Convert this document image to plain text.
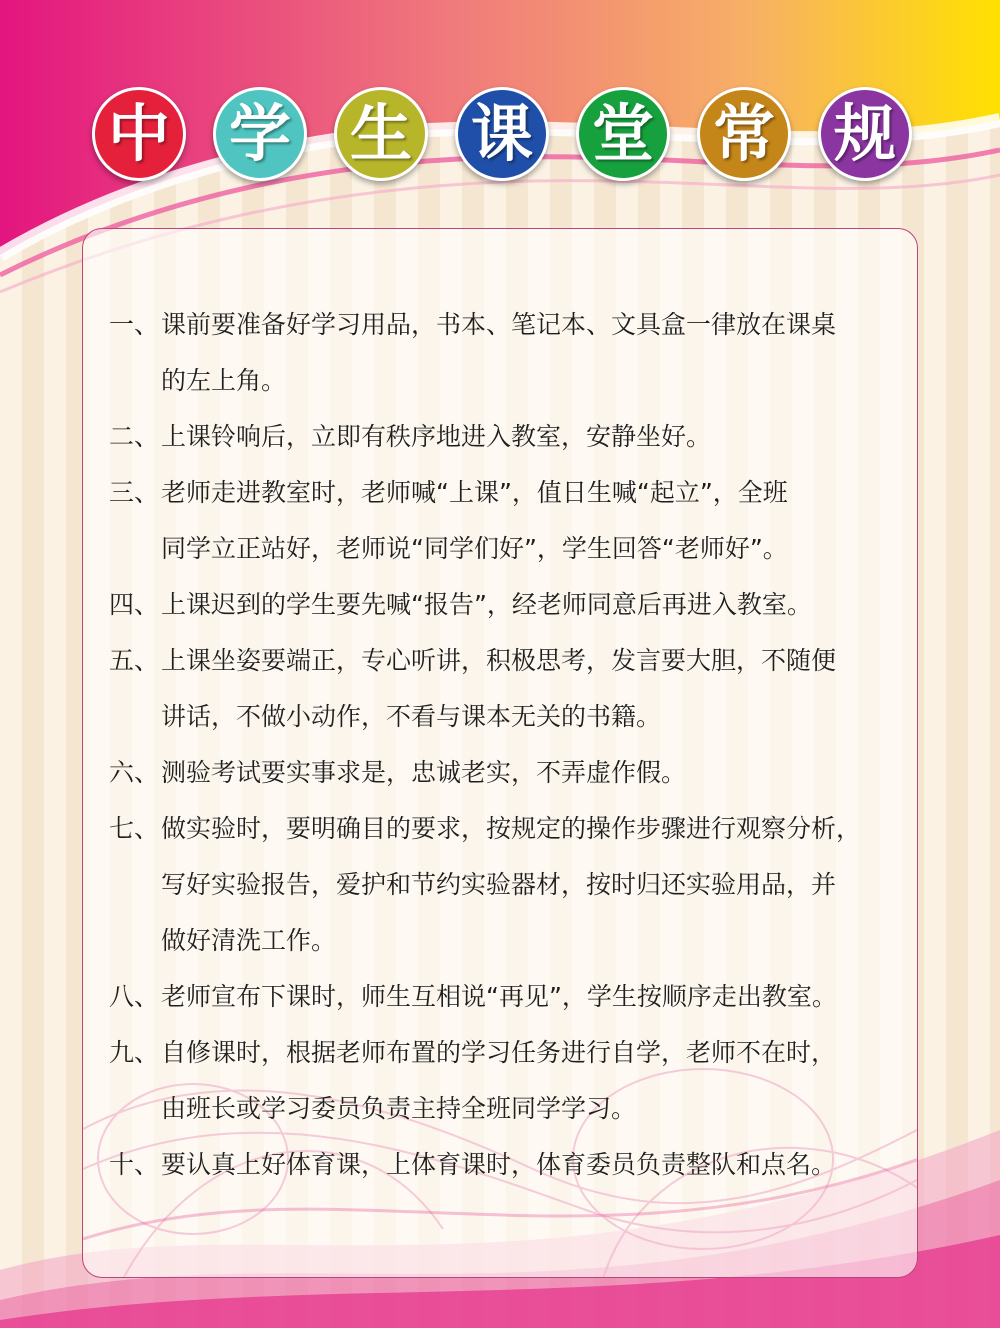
中 学 生 课 堂 常 规
一、 课前要准备好学习用品，书本、笔记本、文具盒一律放在课桌
的左上角。
二、 上课铃响后，立即有秩序地进入教室，安静坐好。
三、 老师走进教室时，老师喊“上课”，值日生喊“起立”，全班
同学立正站好，老师说“同学们好”，学生回答“老师好”。
四、 上课迟到的学生要先喊“报告”，经老师同意后再进入教室。
五、 上课坐姿要端正，专心听讲，积极思考，发言要大胆，不随便
讲话，不做小动作，不看与课本无关的书籍。
六、 测验考试要实事求是，忠诚老实，不弄虚作假。
七、 做实验时，要明确目的要求，按规定的操作步骤进行观察分析，
写好实验报告，爱护和节约实验器材，按时归还实验用品，并
做好清洗工作。
八、 老师宣布下课时，师生互相说“再见”，学生按顺序走出教室。
九、 自修课时，根据老师布置的学习任务进行自学，老师不在时，
由班长或学习委员负责主持全班同学学习。
十、 要认真上好体育课，上体育课时，体育委员负责整队和点名。
